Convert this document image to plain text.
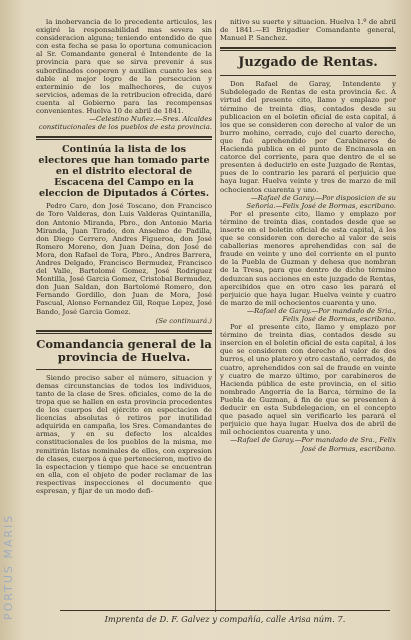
PORTUS MARIS

la inobervancia de lo precedente articulos, les exigiré la responsabilidad mas severa sin consideracion alguna; teniendo entendido de que con esta fecha se pasa lo oportuna comunicacion al Sr. Comandante general é Intendente de la provincia para que se sirva prevenir á sus subordinados cooperen y auxilien cuanto les sea dable al mejor logro de la persecucion y exterminio de los malhechores, de cuyos servicios, ademas de la retribucion ofrecida, daré cuenta al Gobierno para las recompensas convenientes. Huelva 10 de abril de 1841.

—Celestino Nuñez.—Sres. Alcaldes constitucionales de los pueblos de esta provincia.

Continúa la lista de los electores que han tomado parte en el distrito electoral de Escacena del Campo en la eleccion de Diputados á Córtes.

Pedro Caro, don José Toscano, don Francisco de Toro Valderas, don Luis Valderas Quintanilla, don Antonio Miranda, Pbro., don Antonio Maria Miranda, Juan Tirado, don Anselmo de Padilla, don Diego Cerrero, Andres Figueroa, don José Romero Moreno, don Juan Deina, don José de Mora, don Rafael de Tora, Pbro., Andres Barrera, Andres Delgado, Francisco Bermudez, Francisco del Valle, Bartolomé Gomez, José Rodriguez Montilla, José Garcia Gomez, Cristobal Bermudez, don Juan Saldan, don Bartolomé Romero, don Fernando Gordillo, don Juan de Mora, José Pascual, Alonso Fernandez Gil, Roque Lopez, José Bando, José Garcia Gomez.

(Se continuará.)
Comandancia general de la provincia de Huelva.

Siendo preciso saber el número, situacion y demas circunstancias de todos los individuos, tanto de la clase de Sres. oficiales, como de la de tropa que se hallen en esta provincia procedentes de los cuerpos del ejército en espectacion de licencias absolutas ó retiros por inutilidad adquirida en campaña, los Sres. Comandantes de armas, y en su defecto los alcaldes constitucionales de los pueblos de la misma, me remitirán listas nominales de ellos, con expresion de clases, cuerpos á que pertenecieron, motivo de la espectacion y tiempo que hace se encuentran en ella, con el objeto de poder reclamar de las respectivas inspecciones el documento que espresan, y fijar de un modo defi-

nitivo su suerte y situacion. Huelva 1.º de abril de 1841.—El Brigadier Comandante general, Manuel P. Sanchez.

Juzgado de Rentas.

Don Rafael de Garay, Intendente y Subdelegado de Rentas de esta provincia &c. A virtud del presente cito, llamo y emplazo por término de treinta dias, contados desde su publicacion en el boletin oficial de esta capital, á los que se consideren con derecho al valor de un burro mohino, cerrado, cujo del cuarto derecho, que fué aprehendido por Carabineros de Hacienda publica en el punto de Encinasola en catorce del corriente, para que dentro de el se presenten á deducirlo en este Juzgado de Rentas, pues de lo contrario les parará el perjuicio que haya lugar. Huelva veinte y tres de marzo de mil ochocientos cuarenta y uno.

—Rafael de Garay.—Por disposicion de su Señoria.—Felix José de Bormas, escribano.

Por el presente cito, llamo y emplazo por término de treinta dias, contados desde que se inserte en el boletin oficial de esta capital, á los que se consideren con derecho al valor de seis caballerias menores aprehendidas con sal de fraude en veinte y uno del corriente en el punto de la Puebla de Guzman y dehesa que nombran de la Tresa, para que dentro de dicho término deduzcan sus acciones en este juzgado de Rentas, apercibidos que en otro caso les parará el perjuicio que haya lugar. Huelva veinte y cuatro de marzo de mil ochocientos cuarenta y uno.

—Rafael de Garay.—Por mandado de Sria., Felix José de Bormas, escribano.

Por el presente cito, llamo y emplazo por término de treinta dias, contados desde su insercion en el boletin oficial de esta capital, á los que se consideren con derecho al valor de dos burros, el uno platero y otro castaño, cerrados, de cuatro, aprehendidos con sal de fraude en veinte y cuatro de marzo último, por carabineros de Hacienda pública de este provincia, en el sitio nombrado Angorria de la Barca, término de la Puebla de Guzman, á fin de que se presenten á deducir en esta Subdelegacion, en el concepto que pasado aquel sin verificarlo les parará el perjuicio que haya lugar. Huelva dos de abril de mil ochocientos cuarenta y uno.

—Rafael de Garay.—Por mandado de Sra., Felix José de Bormas, escribano.

Imprenta de D. F. Galvez y compañía, calle Arisa núm. 7.
